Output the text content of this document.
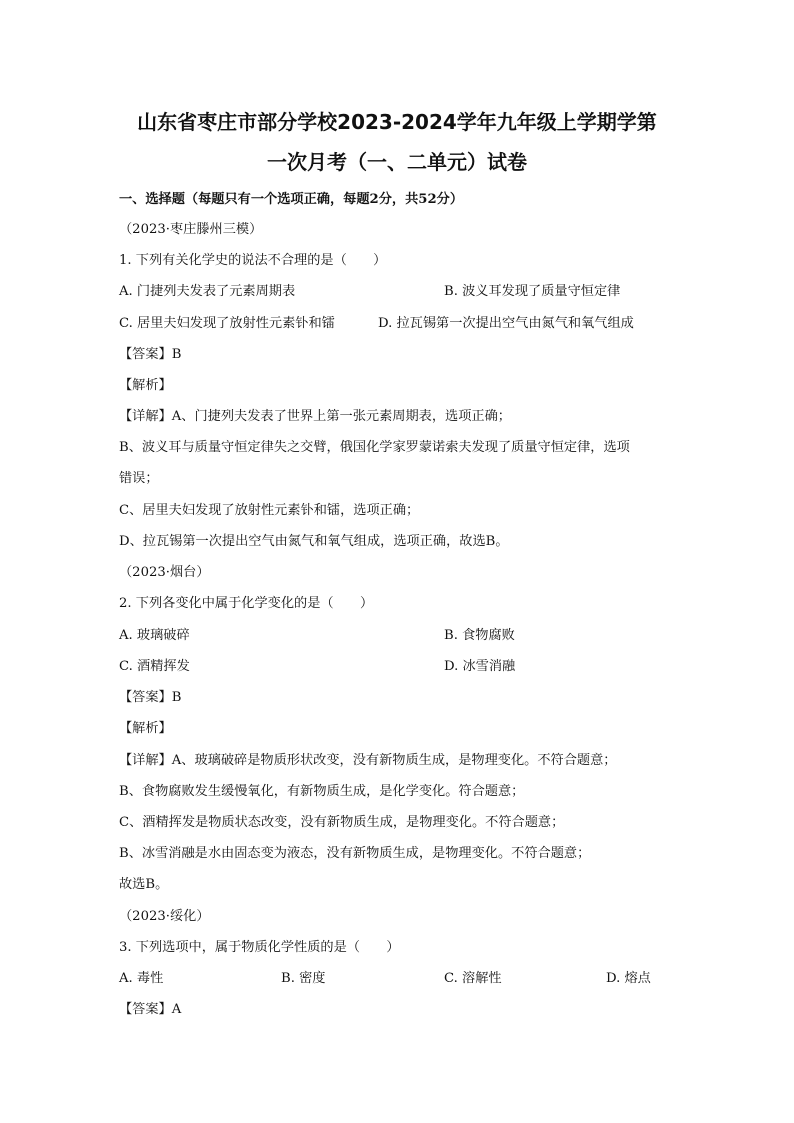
山东省枣庄市部分学校2023-2024学年九年级上学期学第
一次月考（一、二单元）试卷
一、选择题（每题只有一个选项正确，每题2分，共52分）
（2023·枣庄滕州三模）
1. 下列有关化学史的说法不合理的是（　　）
A. 门捷列夫发表了元素周期表	B. 波义耳发现了质量守恒定律
C. 居里夫妇发现了放射性元素钋和镭	D. 拉瓦锡第一次提出空气由氮气和氧气组成
【答案】B
【解析】
【详解】A、门捷列夫发表了世界上第一张元素周期表，选项正确；
B、波义耳与质量守恒定律失之交臂，俄国化学家罗蒙诺索夫发现了质量守恒定律，选项
错误；
C、居里夫妇发现了放射性元素钋和镭，选项正确；
D、拉瓦锡第一次提出空气由氮气和氧气组成，选项正确，故选B。
（2023·烟台）
2. 下列各变化中属于化学变化的是（　　）
A. 玻璃破碎	B. 食物腐败
C. 酒精挥发	D. 冰雪消融
【答案】B
【解析】
【详解】A、玻璃破碎是物质形状改变，没有新物质生成，是物理变化。不符合题意；
B、食物腐败发生缓慢氧化，有新物质生成，是化学变化。符合题意；
C、酒精挥发是物质状态改变，没有新物质生成，是物理变化。不符合题意；
B、冰雪消融是水由固态变为液态，没有新物质生成，是物理变化。不符合题意；
故选B。
（2023·绥化）
3. 下列选项中，属于物质化学性质的是（　　）
A. 毒性	B. 密度	C. 溶解性	D. 熔点
【答案】A
